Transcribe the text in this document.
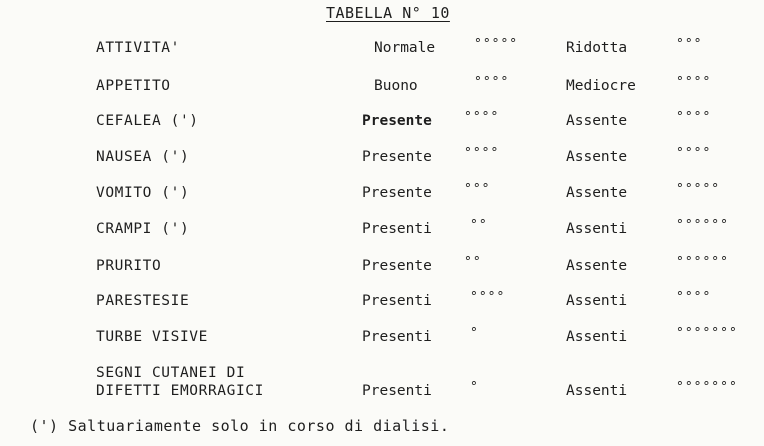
TABELLA N° 10
ATTIVITA'	Normale	°°°°°	Ridotta	°°°
APPETITO	Buono	°°°°	Mediocre	°°°°
CEFALEA (')	Presente °°°°	Assente	°°°°
NAUSEA (')	Presente °°°°	Assente	°°°°
VOMITO (')	Presente °°°	Assente	°°°°°
CRAMPI (')	Presenti	°°	Assenti	°°°°°°
PRURITO	Presente °°	Assente	°°°°°°
PARESTESIE	Presenti	°°°°	Assenti	°°°°
TURBE VISIVE	Presenti	°	Assenti	°°°°°°°
SEGNI CUTANEI DI
DIFETTI EMORRAGICI	Presenti	°	Assenti	°°°°°°°
(') Saltuariamente solo in corso di dialisi.
